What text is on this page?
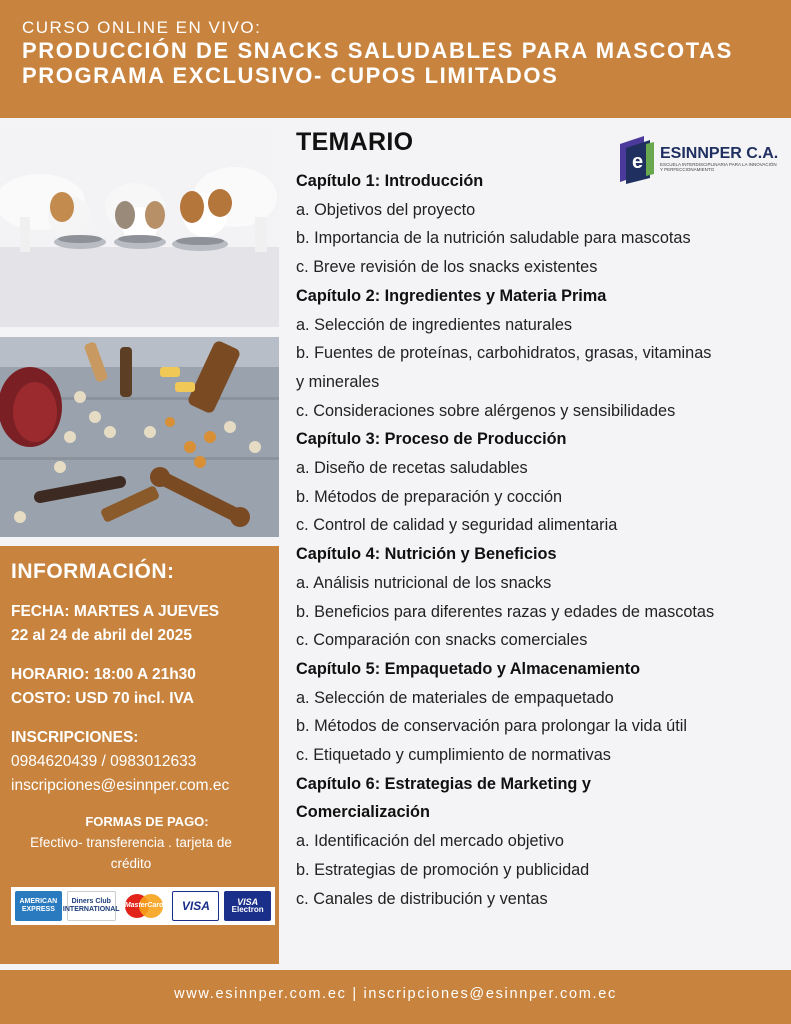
CURSO ONLINE EN VIVO:
PRODUCCIÓN DE SNACKS SALUDABLES PARA MASCOTAS
PROGRAMA EXCLUSIVO- CUPOS LIMITADOS
INFORMACIÓN:
FECHA: MARTES A JUEVES
22 al 24 de abril del 2025
HORARIO: 18:00 A 21h30
COSTO: USD 70 incl. IVA
INSCRIPCIONES:
0984620439 / 0983012633
inscripciones@esinnper.com.ec
FORMAS DE PAGO:
Efectivo- transferencia . tarjeta de crédito
AMERICAN EXPRESS
Diners Club INTERNATIONAL
MasterCard	VISA	VISA
Electron
e ESINNPER C.A.
ESCUELA INTERDISCIPLINARIA PARA LA INNOVACIÓN Y PERFECCIONAMIENTO
TEMARIO
Capítulo 1: Introducción
a. Objetivos del proyecto
b. Importancia de la nutrición saludable para mascotas
c. Breve revisión de los snacks existentes
Capítulo 2: Ingredientes y Materia Prima
a. Selección de ingredientes naturales
b. Fuentes de proteínas, carbohidratos, grasas, vitaminas y minerales
c. Consideraciones sobre alérgenos y sensibilidades
Capítulo 3: Proceso de Producción
a. Diseño de recetas saludables
b. Métodos de preparación y cocción
c. Control de calidad y seguridad alimentaria
Capítulo 4: Nutrición y Beneficios
a. Análisis nutricional de los snacks
b. Beneficios para diferentes razas y edades de mascotas
c. Comparación con snacks comerciales
Capítulo 5: Empaquetado y Almacenamiento
a. Selección de materiales de empaquetado
b. Métodos de conservación para prolongar la vida útil
c. Etiquetado y cumplimiento de normativas
Capítulo 6: Estrategias de Marketing y Comercialización
a. Identificación del mercado objetivo
b. Estrategias de promoción y publicidad
c. Canales de distribución y ventas
www.esinnper.com.ec | inscripciones@esinnper.com.ec
